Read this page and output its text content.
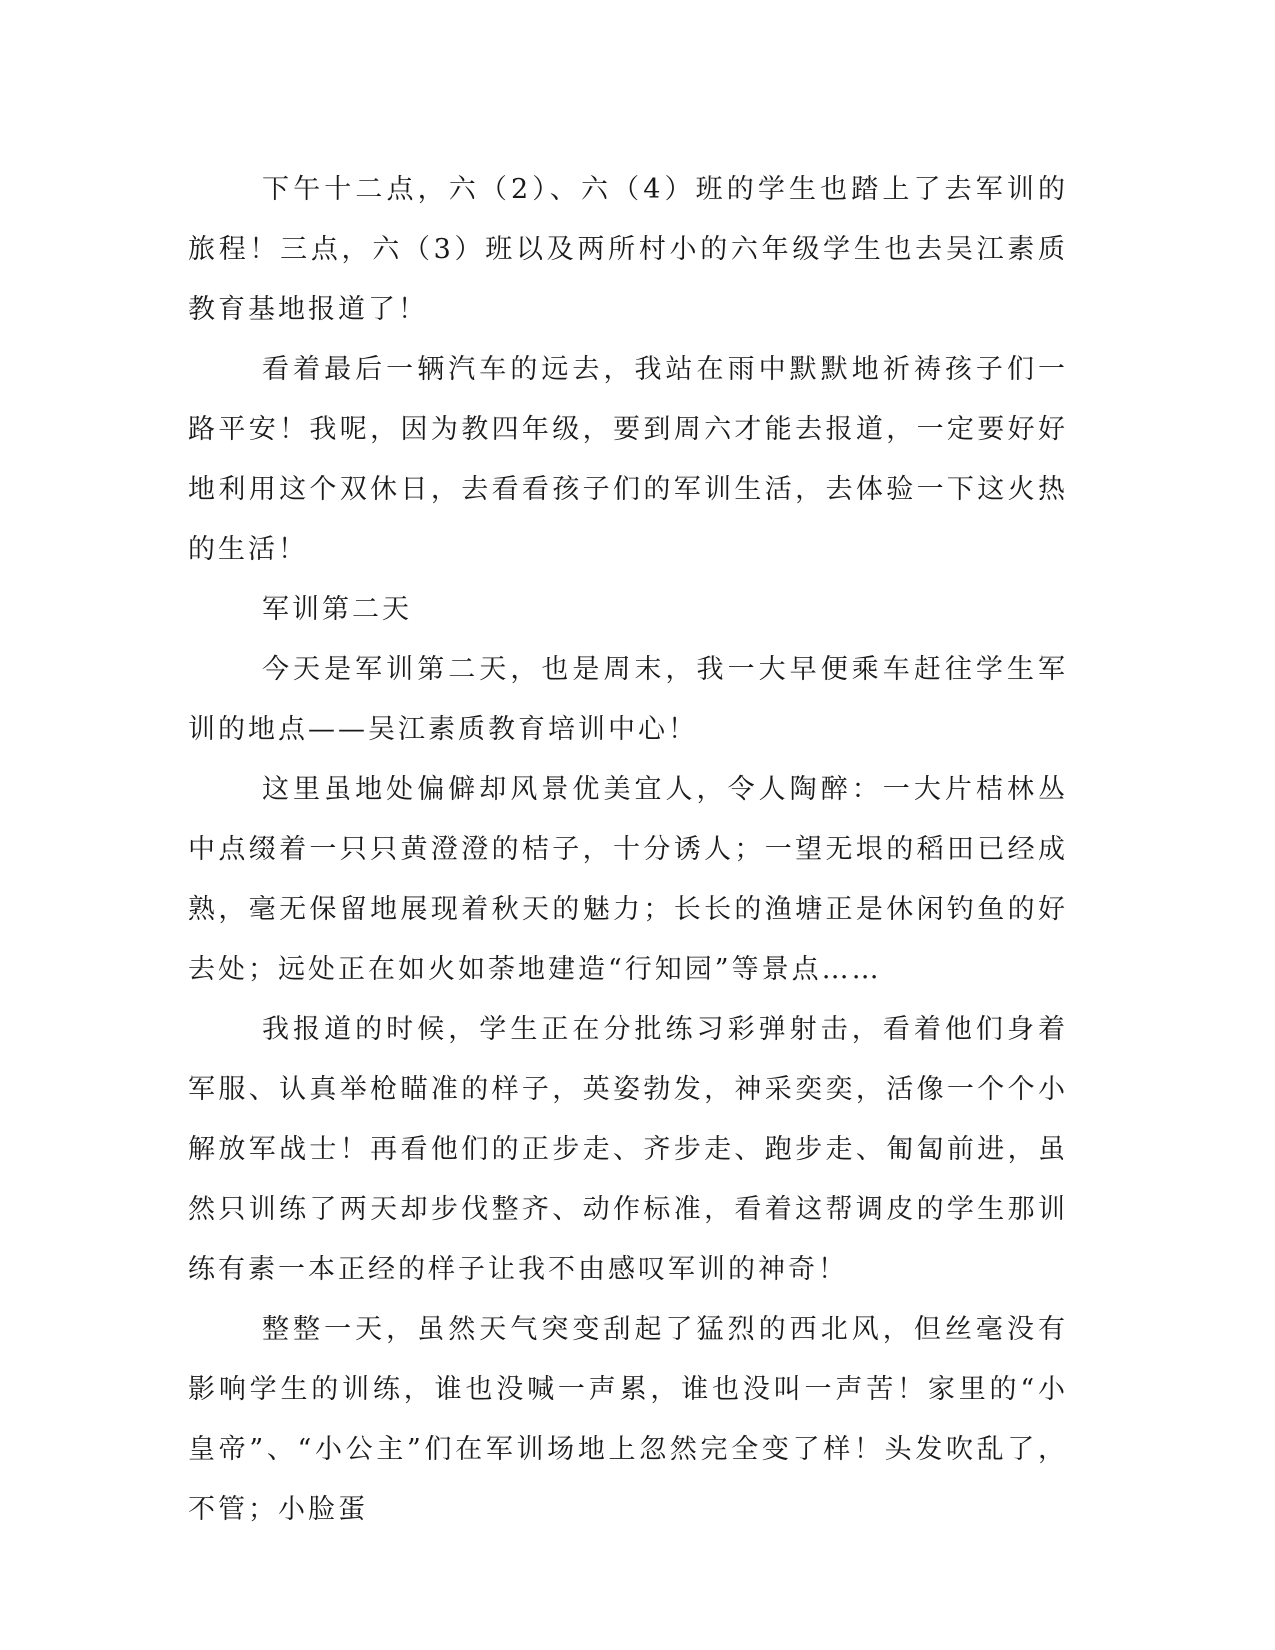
下午十二点，六（2）、六（4）班的学生也踏上了去军训的旅程！三点，六（3）班以及两所村小的六年级学生也去吴江素质教育基地报道了！

看着最后一辆汽车的远去，我站在雨中默默地祈祷孩子们一路平安！我呢，因为教四年级，要到周六才能去报道，一定要好好地利用这个双休日，去看看孩子们的军训生活，去体验一下这火热的生活！

军训第二天

今天是军训第二天，也是周末，我一大早便乘车赶往学生军训的地点——吴江素质教育培训中心！

这里虽地处偏僻却风景优美宜人，令人陶醉：一大片桔林丛中点缀着一只只黄澄澄的桔子，十分诱人；一望无垠的稻田已经成熟，毫无保留地展现着秋天的魅力；长长的渔塘正是休闲钓鱼的好去处；远处正在如火如荼地建造“行知园”等景点……

我报道的时候，学生正在分批练习彩弹射击，看着他们身着军服、认真举枪瞄准的样子，英姿勃发，神采奕奕，活像一个个小解放军战士！再看他们的正步走、齐步走、跑步走、匍匐前进，虽然只训练了两天却步伐整齐、动作标准，看着这帮调皮的学生那训练有素一本正经的样子让我不由感叹军训的神奇！

整整一天，虽然天气突变刮起了猛烈的西北风，但丝毫没有影响学生的训练，谁也没喊一声累，谁也没叫一声苦！家里的“小皇帝”、“小公主”们在军训场地上忽然完全变了样！头发吹乱了，不管；小脸蛋
